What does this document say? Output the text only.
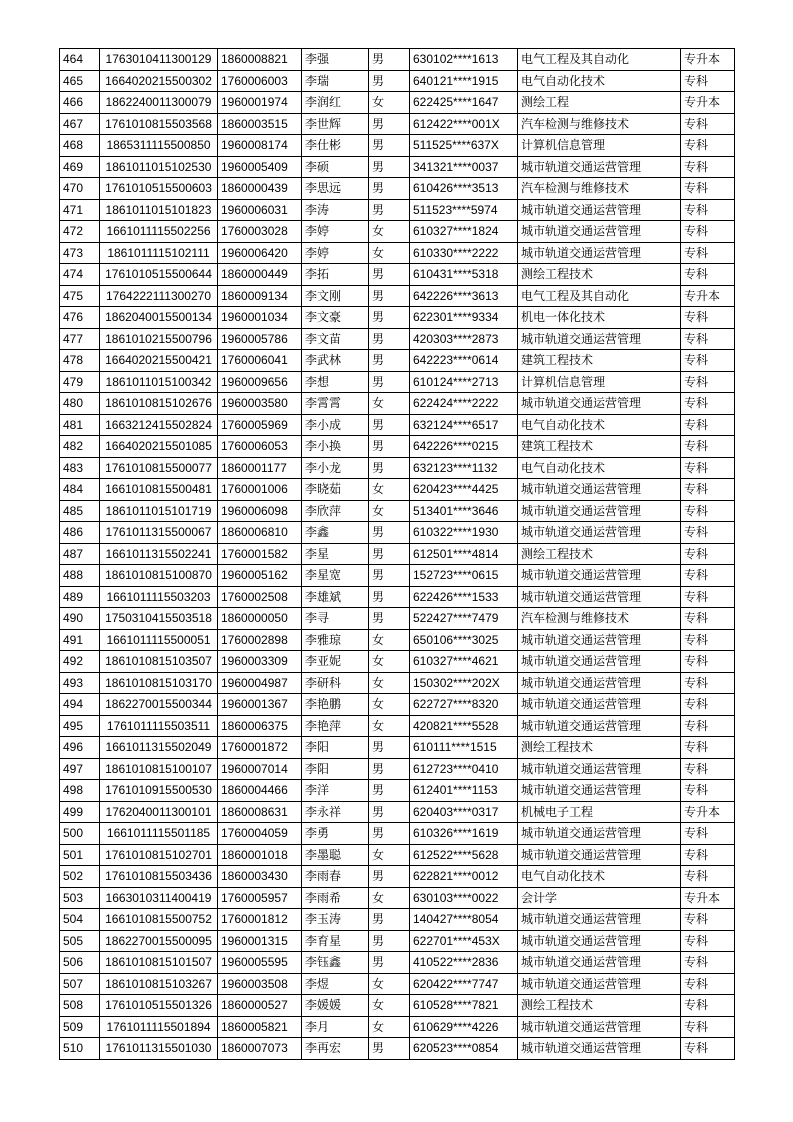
464	1763010411300129	1860008821	李强	男	630102****1613	电气工程及其自动化	专升本
465	1664020215500302	1760006003	李瑞	男	640121****1915	电气自动化技术	专科
466	1862240011300079	1960001974	李润红	女	622425****1647	测绘工程	专升本
467	1761010815503568	1860003515	李世辉	男	612422****001X	汽车检测与维修技术	专科
468	1865311115500850	1960008174	李仕彬	男	511525****637X	计算机信息管理	专科
469	1861011015102530	1960005409	李硕	男	341321****0037	城市轨道交通运营管理	专科
470	1761010515500603	1860000439	李思远	男	610426****3513	汽车检测与维修技术	专科
471	1861011015101823	1960006031	李涛	男	511523****5974	城市轨道交通运营管理	专科
472	1661011115502256	1760003028	李婷	女	610327****1824	城市轨道交通运营管理	专科
473	1861011115102111	1960006420	李婷	女	610330****2222	城市轨道交通运营管理	专科
474	1761010515500644	1860000449	李拓	男	610431****5318	测绘工程技术	专科
475	1764222111300270	1860009134	李文刚	男	642226****3613	电气工程及其自动化	专升本
476	1862040015500134	1960001034	李文豪	男	622301****9334	机电一体化技术	专科
477	1861010215500796	1960005786	李文苗	男	420303****2873	城市轨道交通运营管理	专科
478	1664020215500421	1760006041	李武林	男	642223****0614	建筑工程技术	专科
479	1861011015100342	1960009656	李想	男	610124****2713	计算机信息管理	专科
480	1861010815102676	1960003580	李霄霄	女	622424****2222	城市轨道交通运营管理	专科
481	1663212415502824	1760005969	李小成	男	632124****6517	电气自动化技术	专科
482	1664020215501085	1760006053	李小换	男	642226****0215	建筑工程技术	专科
483	1761010815500077	1860001177	李小龙	男	632123****1132	电气自动化技术	专科
484	1661010815500481	1760001006	李晓茹	女	620423****4425	城市轨道交通运营管理	专科
485	1861011015101719	1960006098	李欣萍	女	513401****3646	城市轨道交通运营管理	专科
486	1761011315500067	1860006810	李鑫	男	610322****1930	城市轨道交通运营管理	专科
487	1661011315502241	1760001582	李星	男	612501****4814	测绘工程技术	专科
488	1861010815100870	1960005162	李星宽	男	152723****0615	城市轨道交通运营管理	专科
489	1661011115503203	1760002508	李雄斌	男	622426****1533	城市轨道交通运营管理	专科
490	1750310415503518	1860000050	李寻	男	522427****7479	汽车检测与维修技术	专科
491	1661011115500051	1760002898	李雅琼	女	650106****3025	城市轨道交通运营管理	专科
492	1861010815103507	1960003309	李亚妮	女	610327****4621	城市轨道交通运营管理	专科
493	1861010815103170	1960004987	李研科	女	150302****202X	城市轨道交通运营管理	专科
494	1862270015500344	1960001367	李艳鹏	女	622727****8320	城市轨道交通运营管理	专科
495	1761011115503511	1860006375	李艳萍	女	420821****5528	城市轨道交通运营管理	专科
496	1661011315502049	1760001872	李阳	男	610111****1515	测绘工程技术	专科
497	1861010815100107	1960007014	李阳	男	612723****0410	城市轨道交通运营管理	专科
498	1761010915500530	1860004466	李洋	男	612401****1153	城市轨道交通运营管理	专科
499	1762040011300101	1860008631	李永祥	男	620403****0317	机械电子工程	专升本
500	1661011115501185	1760004059	李勇	男	610326****1619	城市轨道交通运营管理	专科
501	1761010815102701	1860001018	李墨聪	女	612522****5628	城市轨道交通运营管理	专科
502	1761010815503436	1860003430	李雨春	男	622821****0012	电气自动化技术	专科
503	1663010311400419	1760005957	李雨希	女	630103****0022	会计学	专升本
504	1661010815500752	1760001812	李玉涛	男	140427****8054	城市轨道交通运营管理	专科
505	1862270015500095	1960001315	李育星	男	622701****453X	城市轨道交通运营管理	专科
506	1861010815101507	1960005595	李钰鑫	男	410522****2836	城市轨道交通运营管理	专科
507	1861010815103267	1960003508	李煜	女	620422****7747	城市轨道交通运营管理	专科
508	1761010515501326	1860000527	李媛媛	女	610528****7821	测绘工程技术	专科
509	1761011115501894	1860005821	李月	女	610629****4226	城市轨道交通运营管理	专科
510	1761011315501030	1860007073	李再宏	男	620523****0854	城市轨道交通运营管理	专科
